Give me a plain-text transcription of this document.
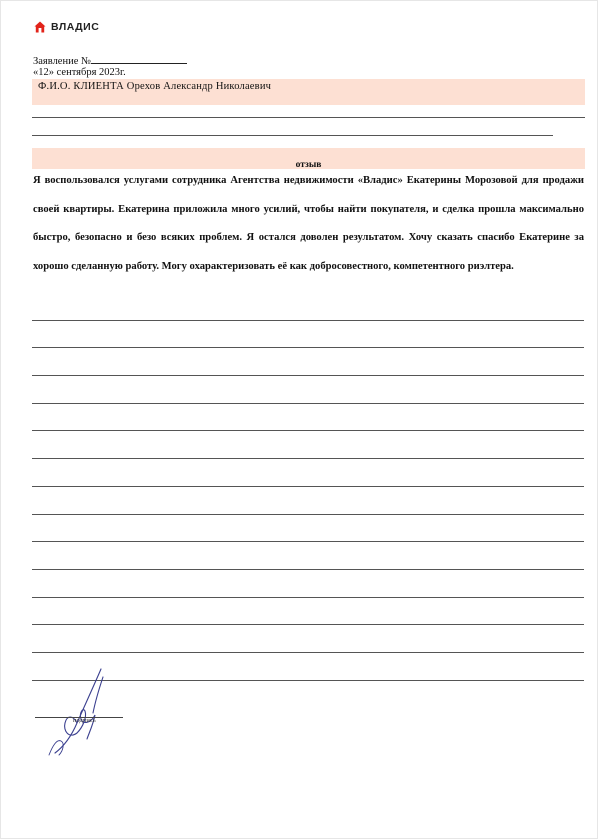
ВЛАДИС
Заявление №
«12» сентября 2023г.
Ф.И.О. КЛИЕНТА Орехов Александр Николаевич
отзыв
Я воспользовался услугами сотрудника Агентства недвижимости «Владис» Екатерины Морозовой для продажи своей квартиры. Екатерина приложила много усилий, чтобы найти покупателя, и сделка прошла максимально быстро, безопасно и безо всяких проблем. Я остался доволен результатом. Хочу сказать спасибо Екатерине за хорошо сделанную работу. Могу охарактеризовать её как добросовестного, компетентного риэлтера.
подпись
